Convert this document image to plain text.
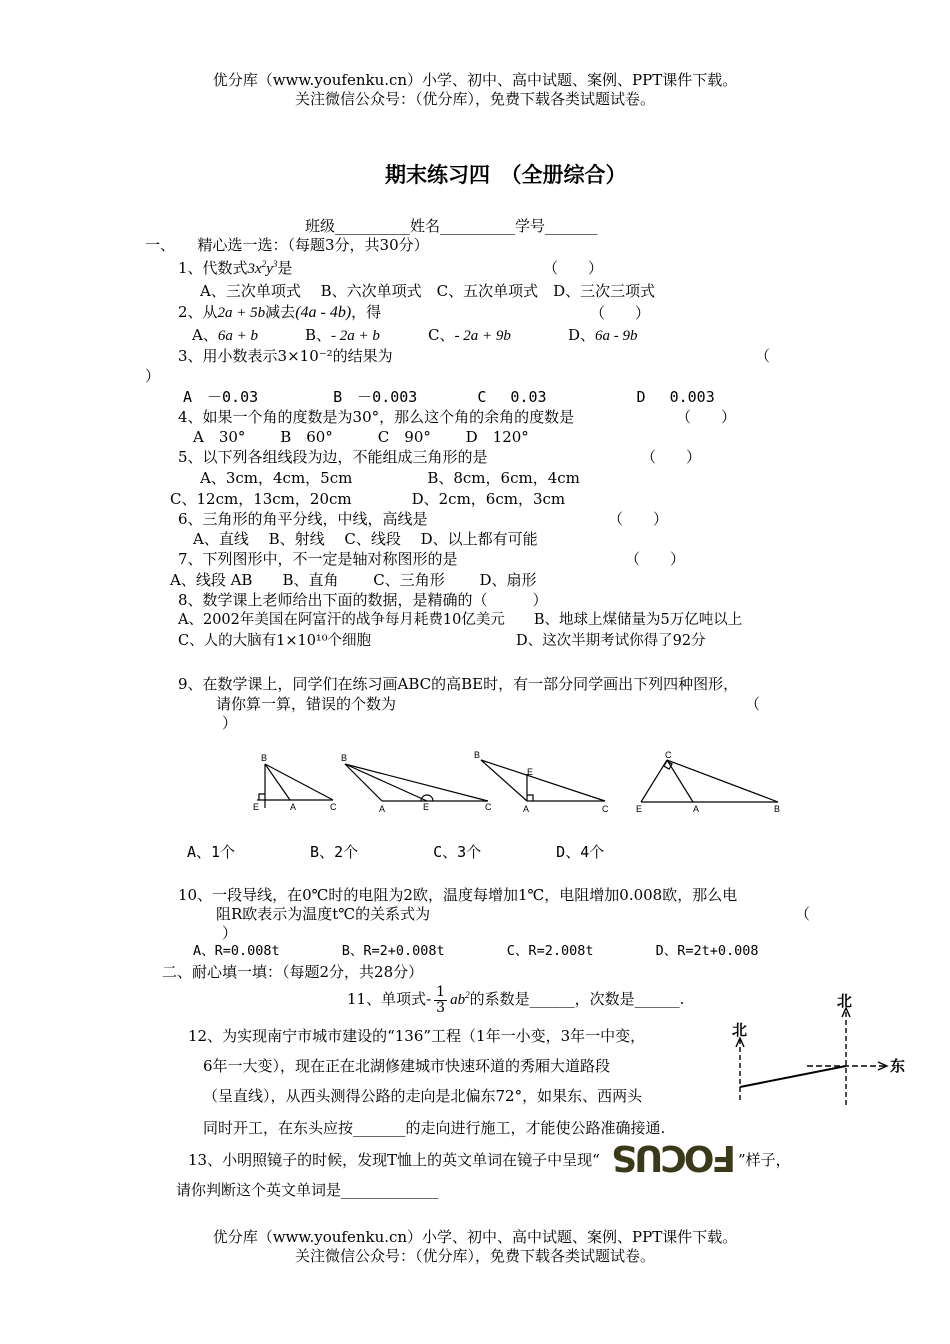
优分库（www.youfenku.cn）小学、初中、高中试题、案例、PPT课件下载。
关注微信公众号：（优分库），免费下载各类试题试卷。
期末练习四　（全册综合）
班级__________姓名__________学号_______
一、　　精心选一选：（每题3分，共30分）
1、代数式$3x^2y^3$是	（　　）
A、三次单项式　 B、六次单项式　C、五次单项式　D、三次三项式
2、从2a + 5b减去(4a - 4b)，得	（　　）
A、6a + b	B、- 2a + b	C、- 2a + 9b	D、6a - 9b
3、用小数表示3×10⁻²的结果为	（
）
A　－0.03　　　　　B　－0.003　　　　C　 0.03　　　　　　D　 0.003
4、如果一个角的度数是为30°，那么这个角的余角的度数是	（　　）
A　30°　　 B　60°　　　C　90°　　 D　120°
5、以下列各组线段为边，不能组成三角形的是	（　　）
A、3cm，4cm，5cm　　　　　B、8cm，6cm，4cm
C、12cm，13cm，20cm　　　　D、2cm，6cm，3cm
6、三角形的角平分线，中线，高线是	（　　）
A、直线　 B、射线　 C、线段　 D、以上都有可能
7、下列图形中，不一定是轴对称图形的是	（　　）
A、线段 AB　　B、直角　　 C、三角形　　 D、扇形
8、数学课上老师给出下面的数据，是精确的（　　　）
A、2002年美国在阿富汗的战争每月耗费10亿美元　　B、地球上煤储量为5万亿吨以上
C、人的大脑有1×10¹⁰个细胞　　　　　　　　　　D、这次半期考试你得了92分
9、在数学课上，同学们在练习画ABC的高BE时，有一部分同学画出下列四种图形，
请你算一算，错误的个数为	（
）
B
E	A	C
B
A	E	C
B
E
A	C
C
E	A	B
A、1个　　　　　B、2个　　　　　C、3个　　　　　D、4个
10、一段导线，在0℃时的电阻为2欧，温度每增加1℃，电阻增加0.008欧，那么电
阻R欧表示为温度t℃的关系式为	（
）
A、R=0.008t　　　　 B、R=2+0.008t　　　　 C、R=2.008t　　　　 D、R=2t+0.008
二、耐心填一填：（每题2分，共28分）
11、单项式- $\frac{1}{3} ab^2$的系数是______，次数是______.
12、为实现南宁市城市建设的“136”工程（1年一小变，3年一中变，
6年一大变），现在正在北湖修建城市快速环道的秀厢大道路段
（呈直线），从西头测得公路的走向是北偏东72°，如果东、西两头
同时开工，在东头应按_______的走向进行施工，才能使公路准确接通.
北
北
东
13、小明照镜子的时候，发现T恤上的英文单词在镜子中呈现“	”样子，
FOCUS
请你判断这个英文单词是_____________
优分库（www.youfenku.cn）小学、初中、高中试题、案例、PPT课件下载。
关注微信公众号：（优分库），免费下载各类试题试卷。
